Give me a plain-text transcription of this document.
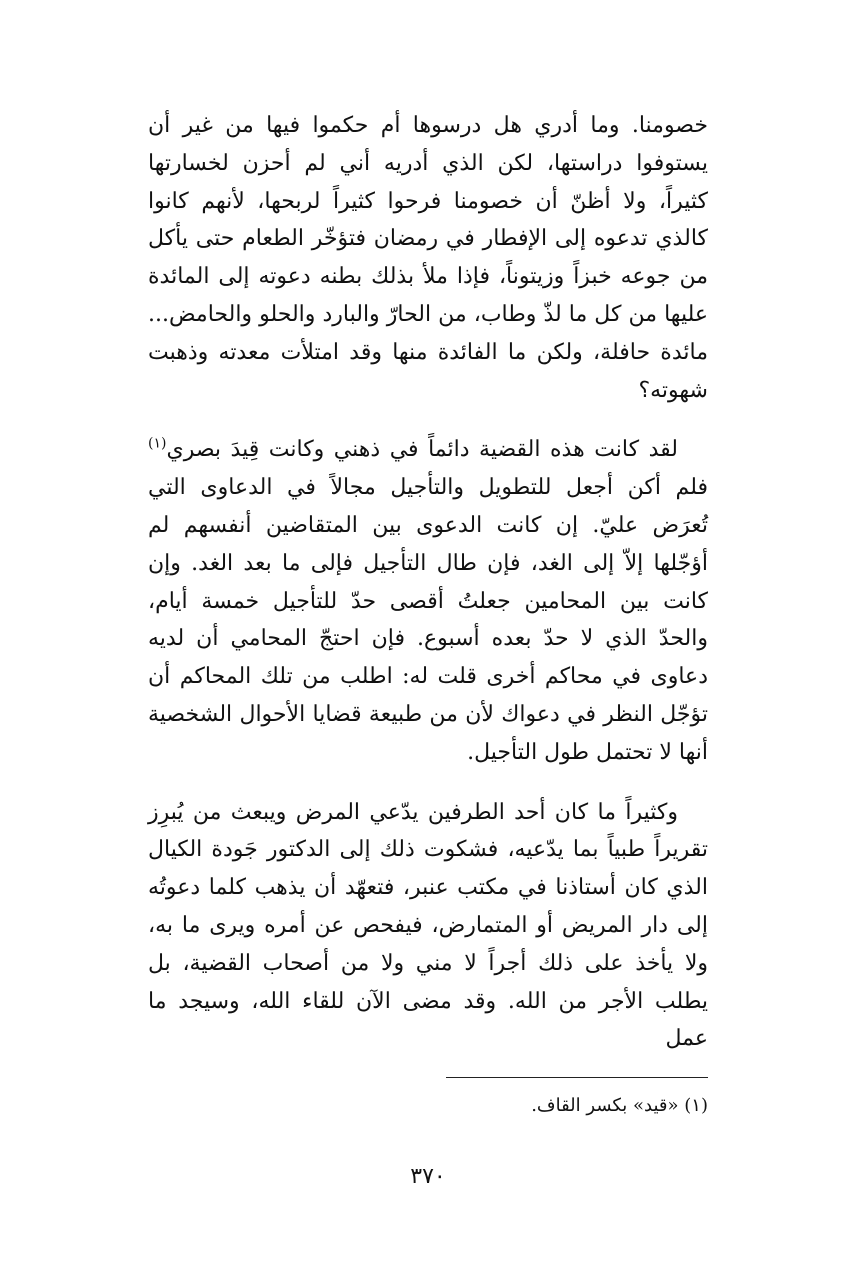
خصومنا. وما أدري هل درسوها أم حكموا فيها من غير أن يستوفوا دراستها، لكن الذي أدريه أني لم أحزن لخسارتها كثيراً، ولا أظنّ أن خصومنا فرحوا كثيراً لربحها، لأنهم كانوا كالذي تدعوه إلى الإفطار في رمضان فتؤخّر الطعام حتى يأكل من جوعه خبزاً وزيتوناً، فإذا ملأ بذلك بطنه دعوته إلى المائدة عليها من كل ما لذّ وطاب، من الحارّ والبارد والحلو والحامض... مائدة حافلة، ولكن ما الفائدة منها وقد امتلأت معدته وذهبت شهوته؟

لقد كانت هذه القضية دائماً في ذهني وكانت قِيدَ بصري$^{(١)}$ فلم أكن أجعل للتطويل والتأجيل مجالاً في الدعاوى التي تُعرَض عليّ. إن كانت الدعوى بين المتقاضين أنفسهم لم أؤجّلها إلاّ إلى الغد، فإن طال التأجيل فإلى ما بعد الغد. وإن كانت بين المحامين جعلتُ أقصى حدّ للتأجيل خمسة أيام، والحدّ الذي لا حدّ بعده أسبوع. فإن احتجّ المحامي أن لديه دعاوى في محاكم أخرى قلت له: اطلب من تلك المحاكم أن تؤجّل النظر في دعواك لأن من طبيعة قضايا الأحوال الشخصية أنها لا تحتمل طول التأجيل.

وكثيراً ما كان أحد الطرفين يدّعي المرض ويبعث من يُبرِز تقريراً طبياً بما يدّعيه، فشكوت ذلك إلى الدكتور جَودة الكيال الذي كان أستاذنا في مكتب عنبر، فتعهّد أن يذهب كلما دعوتُه إلى دار المريض أو المتمارض، فيفحص عن أمره ويرى ما به، ولا يأخذ على ذلك أجراً لا مني ولا من أصحاب القضية، بل يطلب الأجر من الله. وقد مضى الآن للقاء الله، وسيجد ما عمل

(١) «قيد» بكسر القاف.
٣٧٠
